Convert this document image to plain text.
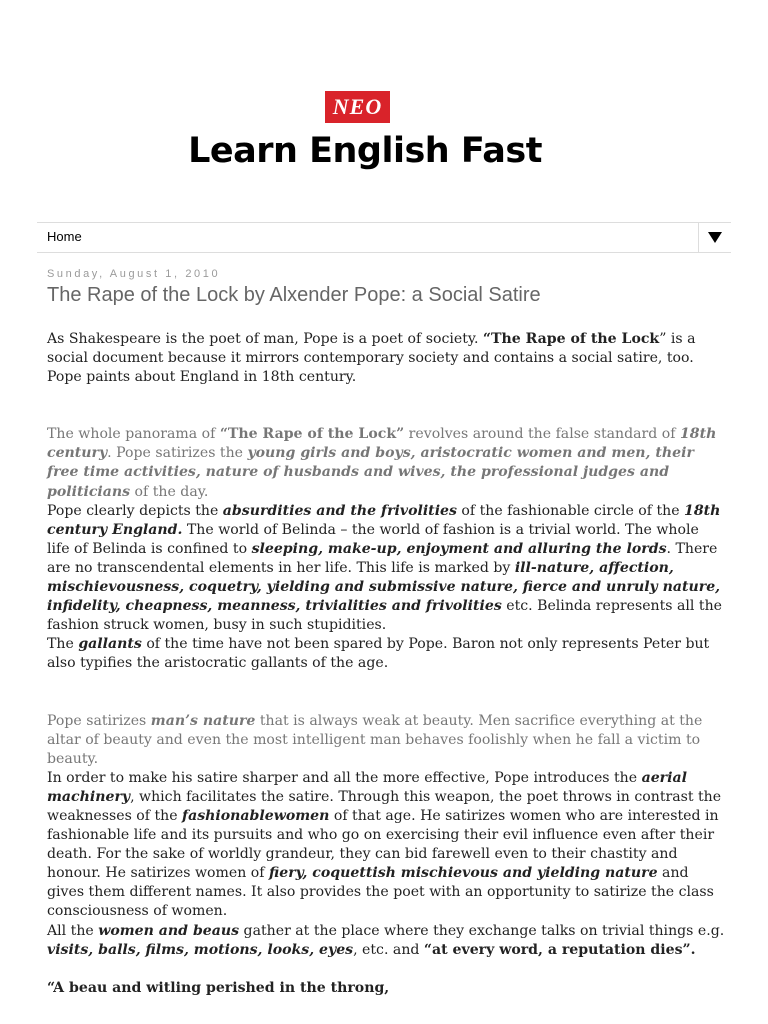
NEO
Learn English Fast
Home
Sunday, August 1, 2010
The Rape of the Lock by Alxender Pope: a Social Satire

As Shakespeare is the poet of man, Pope is a poet of society. “The Rape of the Lock” is a social document because it mirrors contemporary society and contains a social satire, too. Pope paints about England in 18th century.

The whole panorama of “The Rape of the Lock” revolves around the false standard of 18th century. Pope satirizes the young girls and boys, aristocratic women and men, their free time activities, nature of husbands and wives, the professional judges and politicians of the day.

Pope clearly depicts the absurdities and the frivolities of the fashionable circle of the 18th century England. The world of Belinda – the world of fashion is a trivial world. The whole life of Belinda is confined to sleeping, make-up, enjoyment and alluring the lords. There are no transcendental elements in her life. This life is marked by ill-nature, affection, mischievousness, coquetry, yielding and submissive nature, fierce and unruly nature, infidelity, cheapness, meanness, trivialities and frivolities etc. Belinda represents all the fashion struck women, busy in such stupidities.

The gallants of the time have not been spared by Pope. Baron not only represents Peter but also typifies the aristocratic gallants of the age.

Pope satirizes man’s nature that is always weak at beauty. Men sacrifice everything at the altar of beauty and even the most intelligent man behaves foolishly when he fall a victim to beauty.

In order to make his satire sharper and all the more effective, Pope introduces the aerial machinery, which facilitates the satire. Through this weapon, the poet throws in contrast the weaknesses of the fashionablewomen of that age. He satirizes women who are interested in fashionable life and its pursuits and who go on exercising their evil influence even after their death. For the sake of worldly grandeur, they can bid farewell even to their chastity and honour. He satirizes women of fiery, coquettish mischievous and yielding nature and gives them different names. It also provides the poet with an opportunity to satirize the class consciousness of women.

All the women and beaus gather at the place where they exchange talks on trivial things e.g. visits, balls, films, motions, looks, eyes, etc. and “at every word, a reputation dies”.

“A beau and witling perished in the throng,
